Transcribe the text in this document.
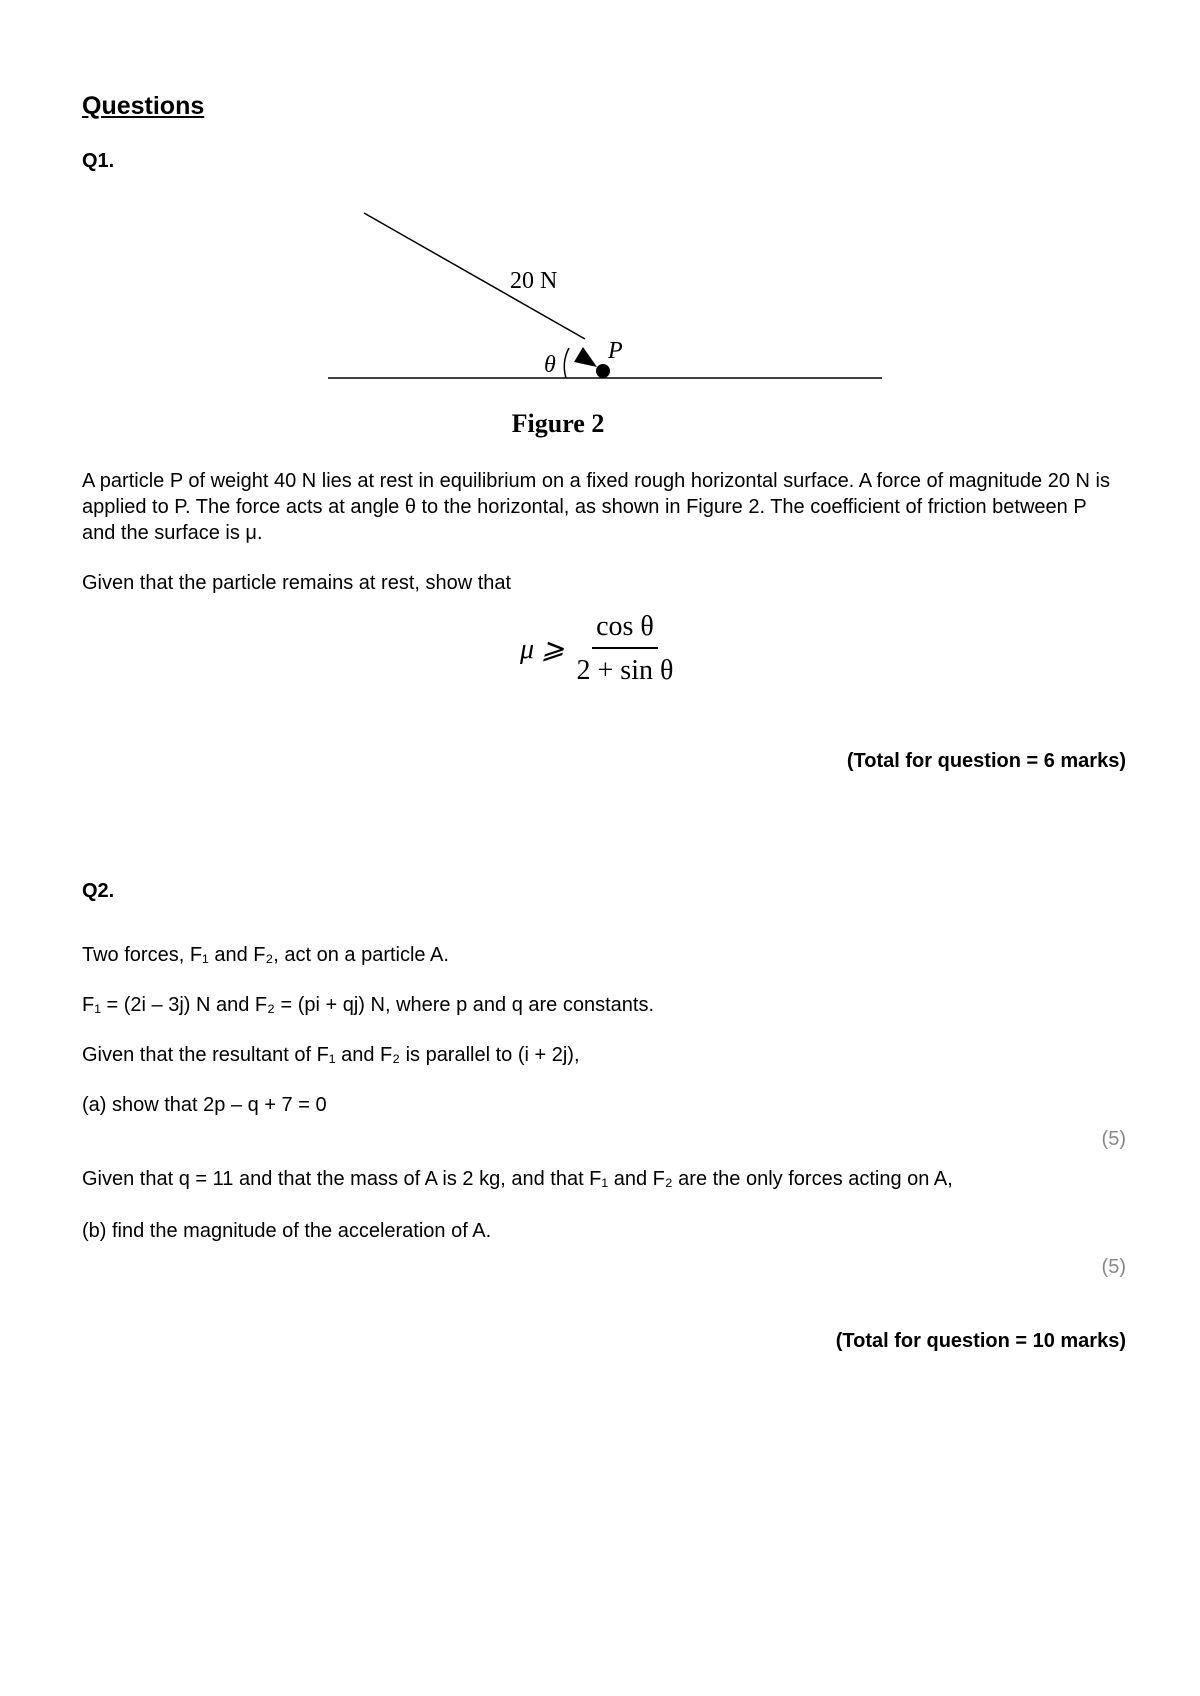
Questions
Q1.
20 N
θ
P
Figure 2
A particle P of weight 40 N lies at rest in equilibrium on a fixed rough horizontal surface. A force of magnitude 20 N is applied to P. The force acts at angle θ to the horizontal, as shown in Figure 2. The coefficient of friction between P and the surface is μ.
Given that the particle remains at rest, show that
μ ⩾ $\frac{\text{cos θ}}{\text{2 + sin θ}}$
(Total for question = 6 marks)
Q2.
Two forces, F₁ and F₂, act on a particle A.
F₁ = (2i – 3j) N and F₂ = (pi + qj) N, where p and q are constants.
Given that the resultant of F₁ and F₂ is parallel to (i + 2j),
(a) show that 2p – q + 7 = 0
(5)
Given that q = 11 and that the mass of A is 2 kg, and that F₁ and F₂ are the only forces acting on A,
(b) find the magnitude of the acceleration of A.
(5)
(Total for question = 10 marks)
